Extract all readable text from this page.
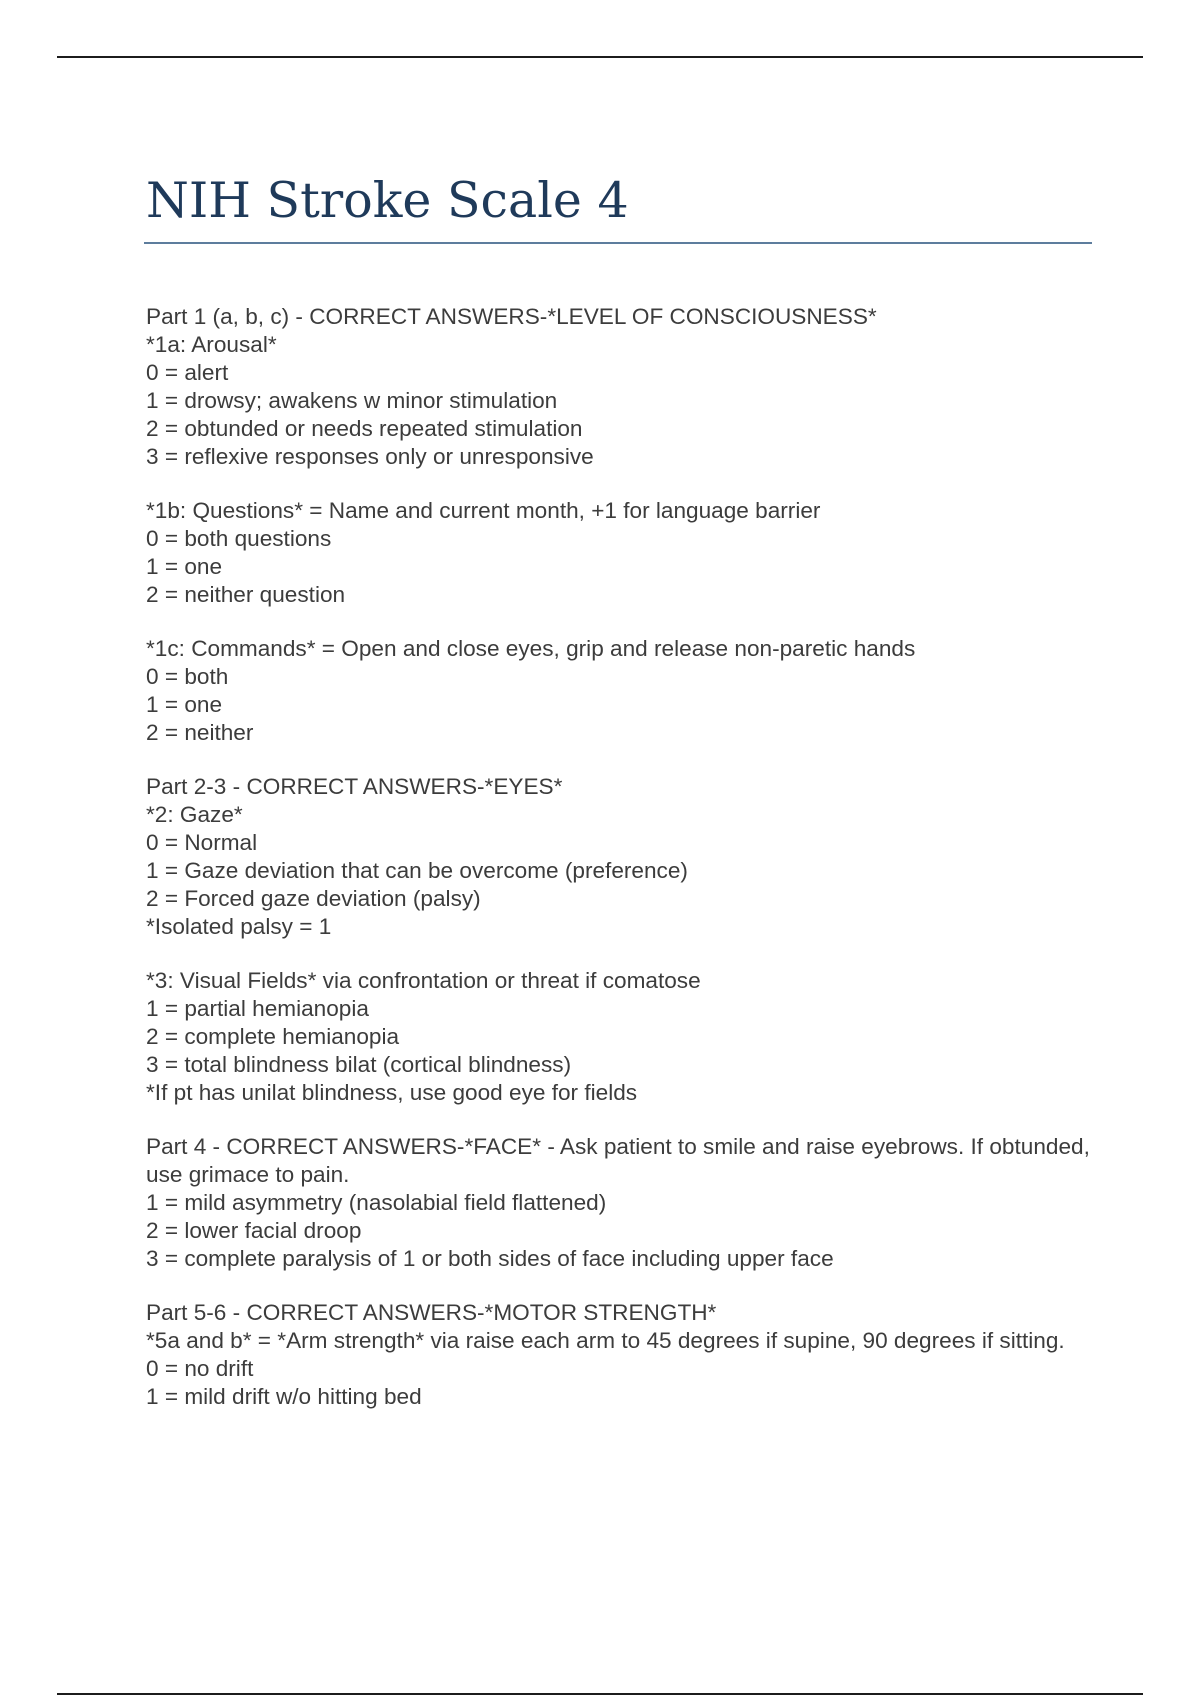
NIH Stroke Scale 4
Part 1 (a, b, c) - CORRECT ANSWERS-*LEVEL OF CONSCIOUSNESS*
*1a: Arousal*
0 = alert
1 = drowsy; awakens w minor stimulation
2 = obtunded or needs repeated stimulation
3 = reflexive responses only or unresponsive
*1b: Questions* = Name and current month, +1 for language barrier
0 = both questions
1 = one
2 = neither question
*1c: Commands* = Open and close eyes, grip and release non-paretic hands
0 = both
1 = one
2 = neither
Part 2-3 - CORRECT ANSWERS-*EYES*
*2: Gaze*
0 = Normal
1 = Gaze deviation that can be overcome (preference)
2 = Forced gaze deviation (palsy)
*Isolated palsy = 1
*3: Visual Fields* via confrontation or threat if comatose
1 = partial hemianopia
2 = complete hemianopia
3 = total blindness bilat (cortical blindness)
*If pt has unilat blindness, use good eye for fields
Part 4 - CORRECT ANSWERS-*FACE* - Ask patient to smile and raise eyebrows. If obtunded, use grimace to pain.
1 = mild asymmetry (nasolabial field flattened)
2 = lower facial droop
3 = complete paralysis of 1 or both sides of face including upper face
Part 5-6 - CORRECT ANSWERS-*MOTOR STRENGTH*
*5a and b* = *Arm strength* via raise each arm to 45 degrees if supine, 90 degrees if sitting.
0 = no drift
1 = mild drift w/o hitting bed
